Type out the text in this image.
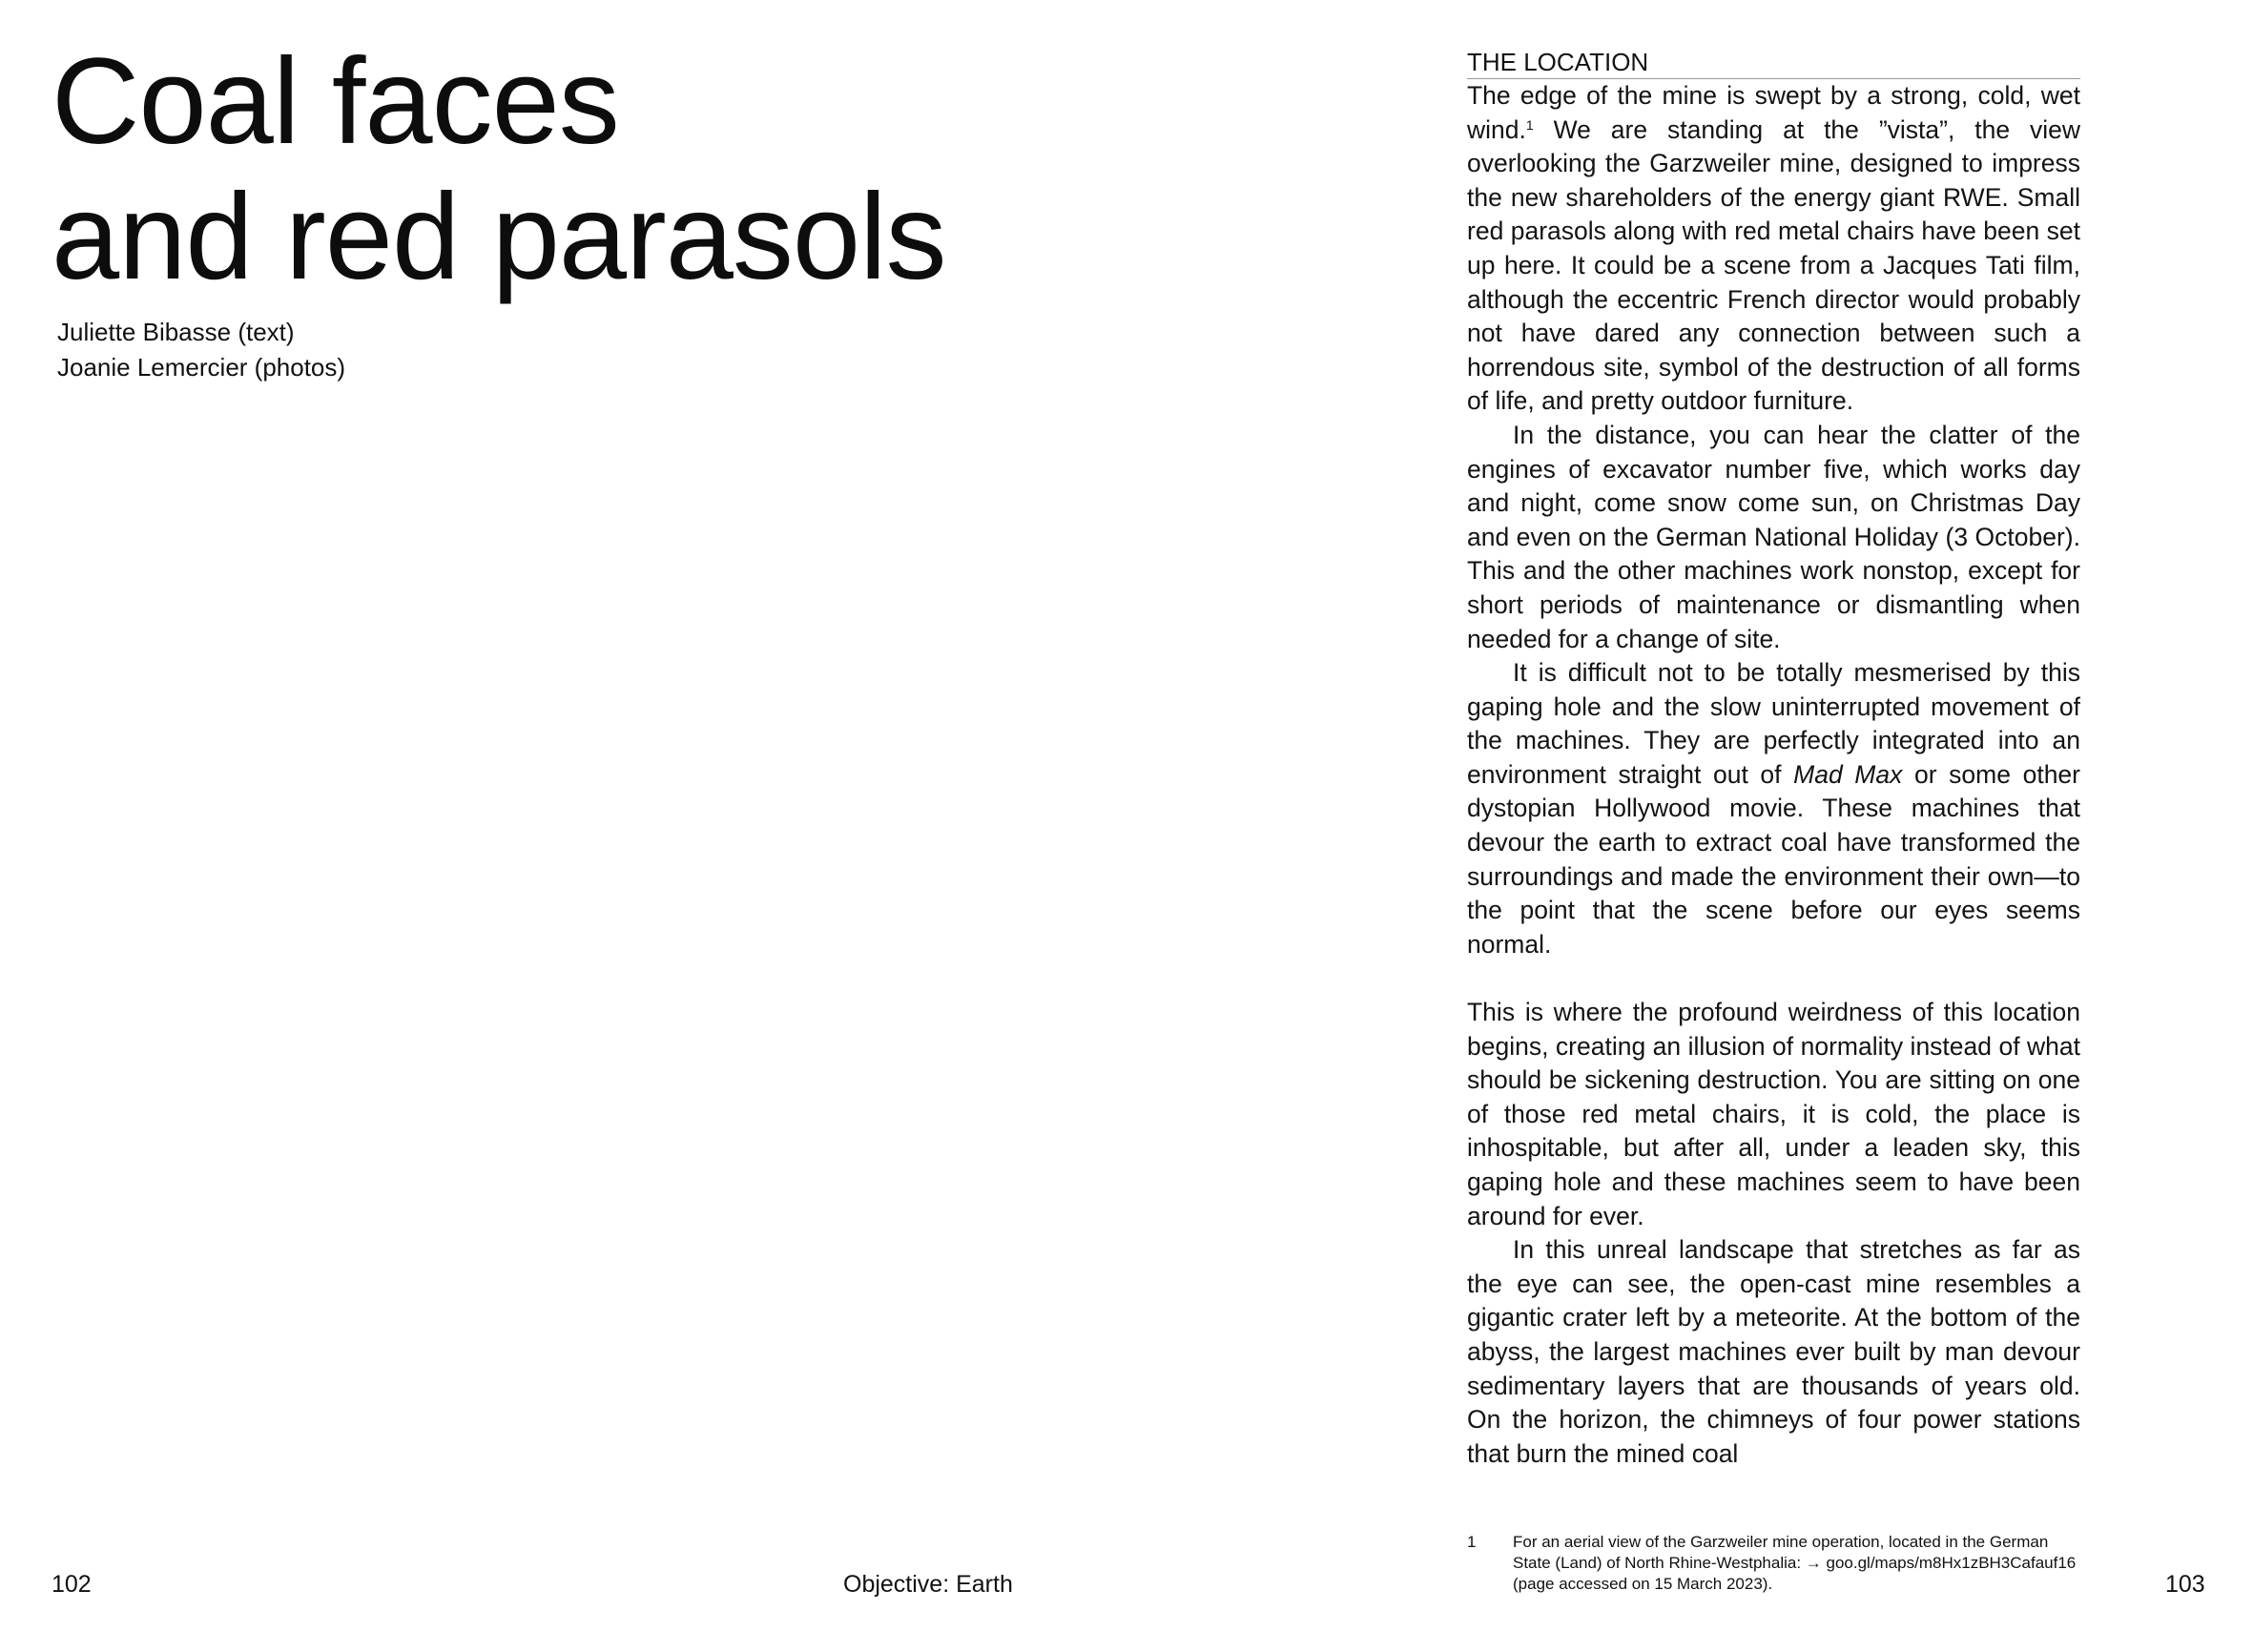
Coal faces
and red parasols
Juliette Bibasse (text)
Joanie Lemercier (photos)
102	Objective: Earth
THE LOCATION

The edge of the mine is swept by a strong, cold, wet wind.$^1$ We are standing at the ”vista”, the view overlooking the Garzweiler mine, designed to impress the new shareholders of the energy giant RWE. Small red parasols along with red metal chairs have been set up here. It could be a scene from a Jacques Tati film, although the eccentric French director would probably not have dared any connection between such a horrendous site, symbol of the destruction of all forms of life, and pretty outdoor furniture.

In the distance, you can hear the clatter of the engines of excavator number five, which works day and night, come snow come sun, on Christmas Day and even on the German National Holiday (3 October). This and the other machines work nonstop, except for short periods of maintenance or dismantling when needed for a change of site.

It is difficult not to be totally mesmerised by this gaping hole and the slow uninterrupted movement of the machines. They are perfectly integrated into an environment straight out of Mad Max or some other dystopian Hollywood movie. These machines that devour the earth to extract coal have transformed the surroundings and made the environment their own—to the point that the scene before our eyes seems normal.

This is where the profound weirdness of this location begins, creating an illusion of normality instead of what should be sickening destruction. You are sitting on one of those red metal chairs, it is cold, the place is inhospitable, but after all, under a leaden sky, this gaping hole and these machines seem to have been around for ever.

In this unreal landscape that stretches as far as the eye can see, the open-cast mine resembles a gigantic crater left by a meteorite. At the bottom of the abyss, the largest machines ever built by man devour sedimentary layers that are thousands of years old. On the horizon, the chimneys of four power stations that burn the mined coal

1 For an aerial view of the Garzweiler mine operation, located in the German State (Land) of North Rhine-Westphalia: → goo.gl/maps/m8Hx1zBH3Cafauf16 (page accessed on 15 March 2023).	103
